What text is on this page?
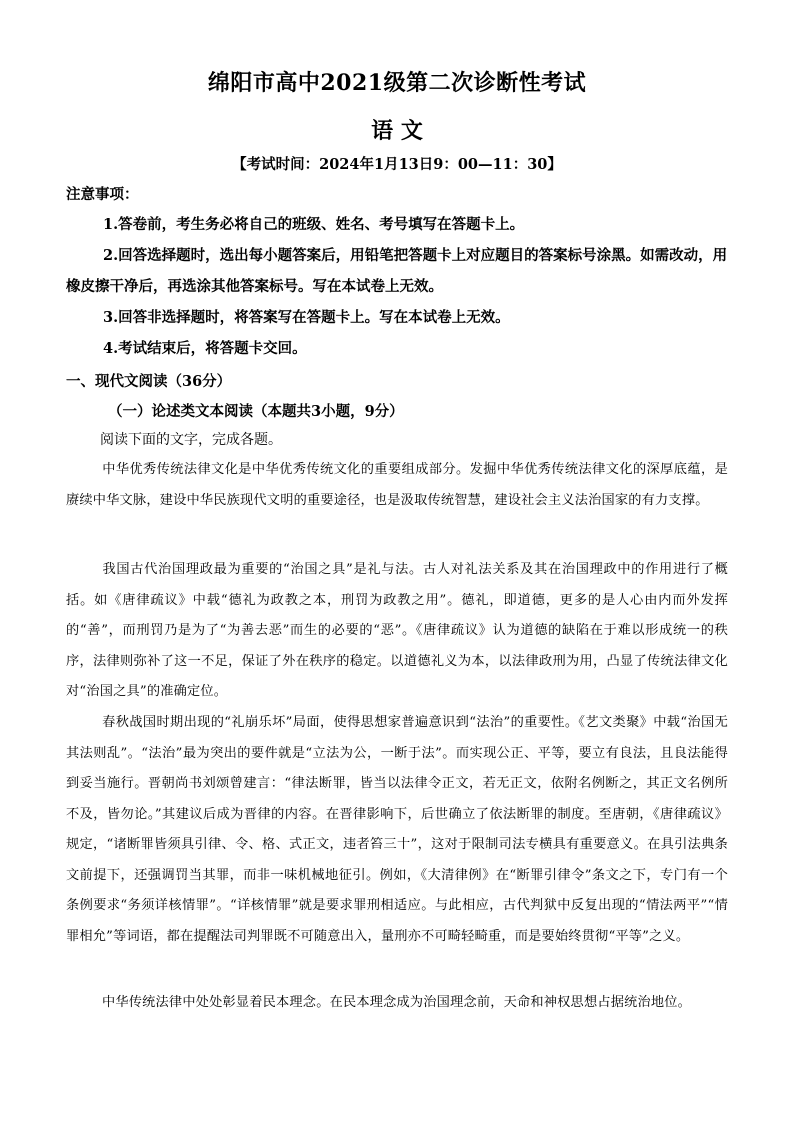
绵阳市高中2021级第二次诊断性考试
语 文
【考试时间：2024年1月13日9：00—11：30】
注意事项：
1.答卷前，考生务必将自己的班级、姓名、考号填写在答题卡上。
2.回答选择题时，选出每小题答案后，用铅笔把答题卡上对应题目的答案标号涂黑。如需改动，用橡皮擦干净后，再选涂其他答案标号。写在本试卷上无效。
3.回答非选择题时，将答案写在答题卡上。写在本试卷上无效。
4.考试结束后，将答题卡交回。
一、现代文阅读（36分）
（一）论述类文本阅读（本题共3小题，9分）
阅读下面的文字，完成各题。
中华优秀传统法律文化是中华优秀传统文化的重要组成部分。发掘中华优秀传统法律文化的深厚底蕴，是赓续中华文脉，建设中华民族现代文明的重要途径，也是汲取传统智慧，建设社会主义法治国家的有力支撑。
我国古代治国理政最为重要的“治国之具”是礼与法。古人对礼法关系及其在治国理政中的作用进行了概括。如《唐律疏议》中载“德礼为政教之本，刑罚为政教之用”。德礼，即道德，更多的是人心由内而外发挥的“善”，而刑罚乃是为了“为善去恶”而生的必要的“恶”。《唐律疏议》认为道德的缺陷在于难以形成统一的秩序，法律则弥补了这一不足，保证了外在秩序的稳定。以道德礼义为本，以法律政刑为用，凸显了传统法律文化对“治国之具”的准确定位。
春秋战国时期出现的“礼崩乐坏”局面，使得思想家普遍意识到“法治”的重要性。《艺文类聚》中载“治国无其法则乱”。“法治”最为突出的要件就是“立法为公，一断于法”。而实现公正、平等，要立有良法，且良法能得到妥当施行。晋朝尚书刘颂曾建言：“律法断罪，皆当以法律令正文，若无正文，依附名例断之，其正文名例所不及，皆勿论。”其建议后成为晋律的内容。在晋律影响下，后世确立了依法断罪的制度。至唐朝，《唐律疏议》规定，“诸断罪皆须具引律、令、格、式正文，违者笞三十”，这对于限制司法专横具有重要意义。在具引法典条文前提下，还强调罚当其罪，而非一味机械地征引。例如，《大清律例》在“断罪引律令”条文之下，专门有一个条例要求“务须详核情罪”。“详核情罪”就是要求罪刑相适应。与此相应，古代判狱中反复出现的“情法两平”“情罪相允”等词语，都在提醒法司判罪既不可随意出入，量刑亦不可畸轻畸重，而是要始终贯彻“平等”之义。
中华传统法律中处处彰显着民本理念。在民本理念成为治国理念前，天命和神权思想占据统治地位。
